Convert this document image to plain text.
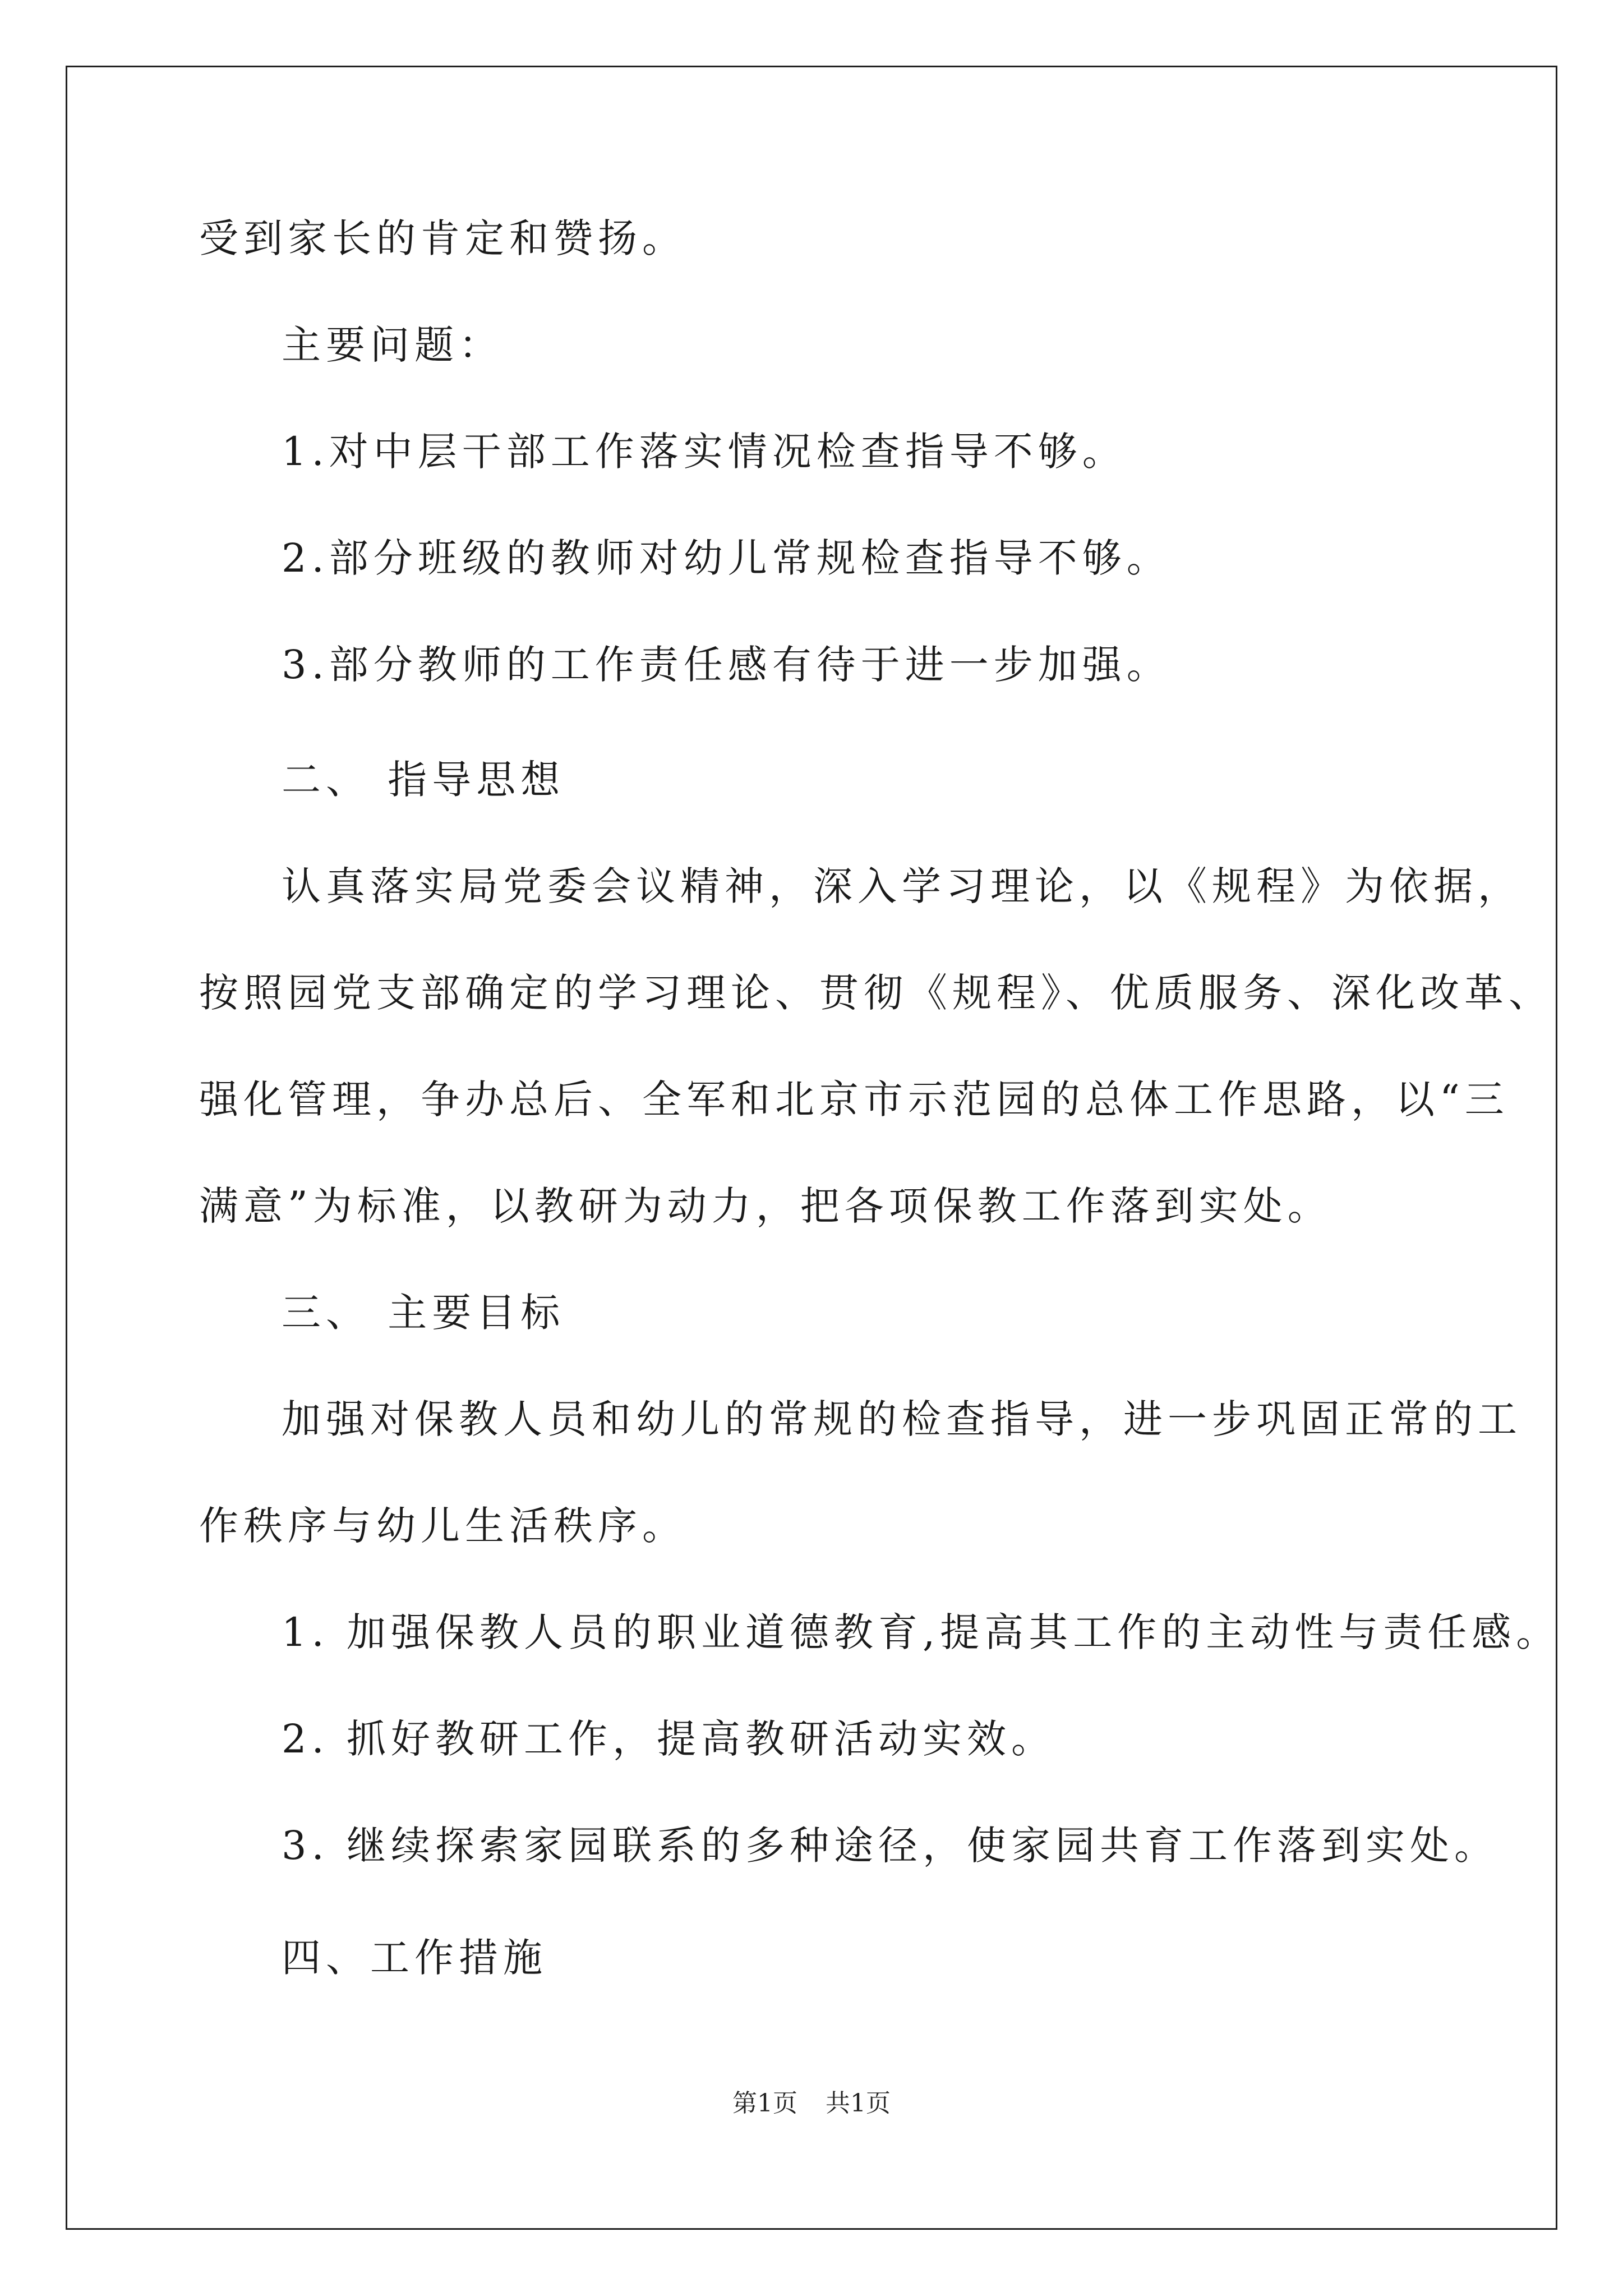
受到家长的肯定和赞扬。
主要问题：
1.对中层干部工作落实情况检查指导不够。
2.部分班级的教师对幼儿常规检查指导不够。
3.部分教师的工作责任感有待于进一步加强。
二、 指导思想
认真落实局党委会议精神，深入学习理论，以《规程》为依据，
按照园党支部确定的学习理论、贯彻《规程》、优质服务、深化改革、
强化管理，争办总后、全军和北京市示范园的总体工作思路，以“三
满意”为标准，以教研为动力，把各项保教工作落到实处。
三、 主要目标
加强对保教人员和幼儿的常规的检查指导，进一步巩固正常的工
作秩序与幼儿生活秩序。
1. 加强保教人员的职业道德教育,提高其工作的主动性与责任感。
2. 抓好教研工作，提高教研活动实效。
3. 继续探索家园联系的多种途径，使家园共育工作落到实处。
四、工作措施
第1页 共1页
